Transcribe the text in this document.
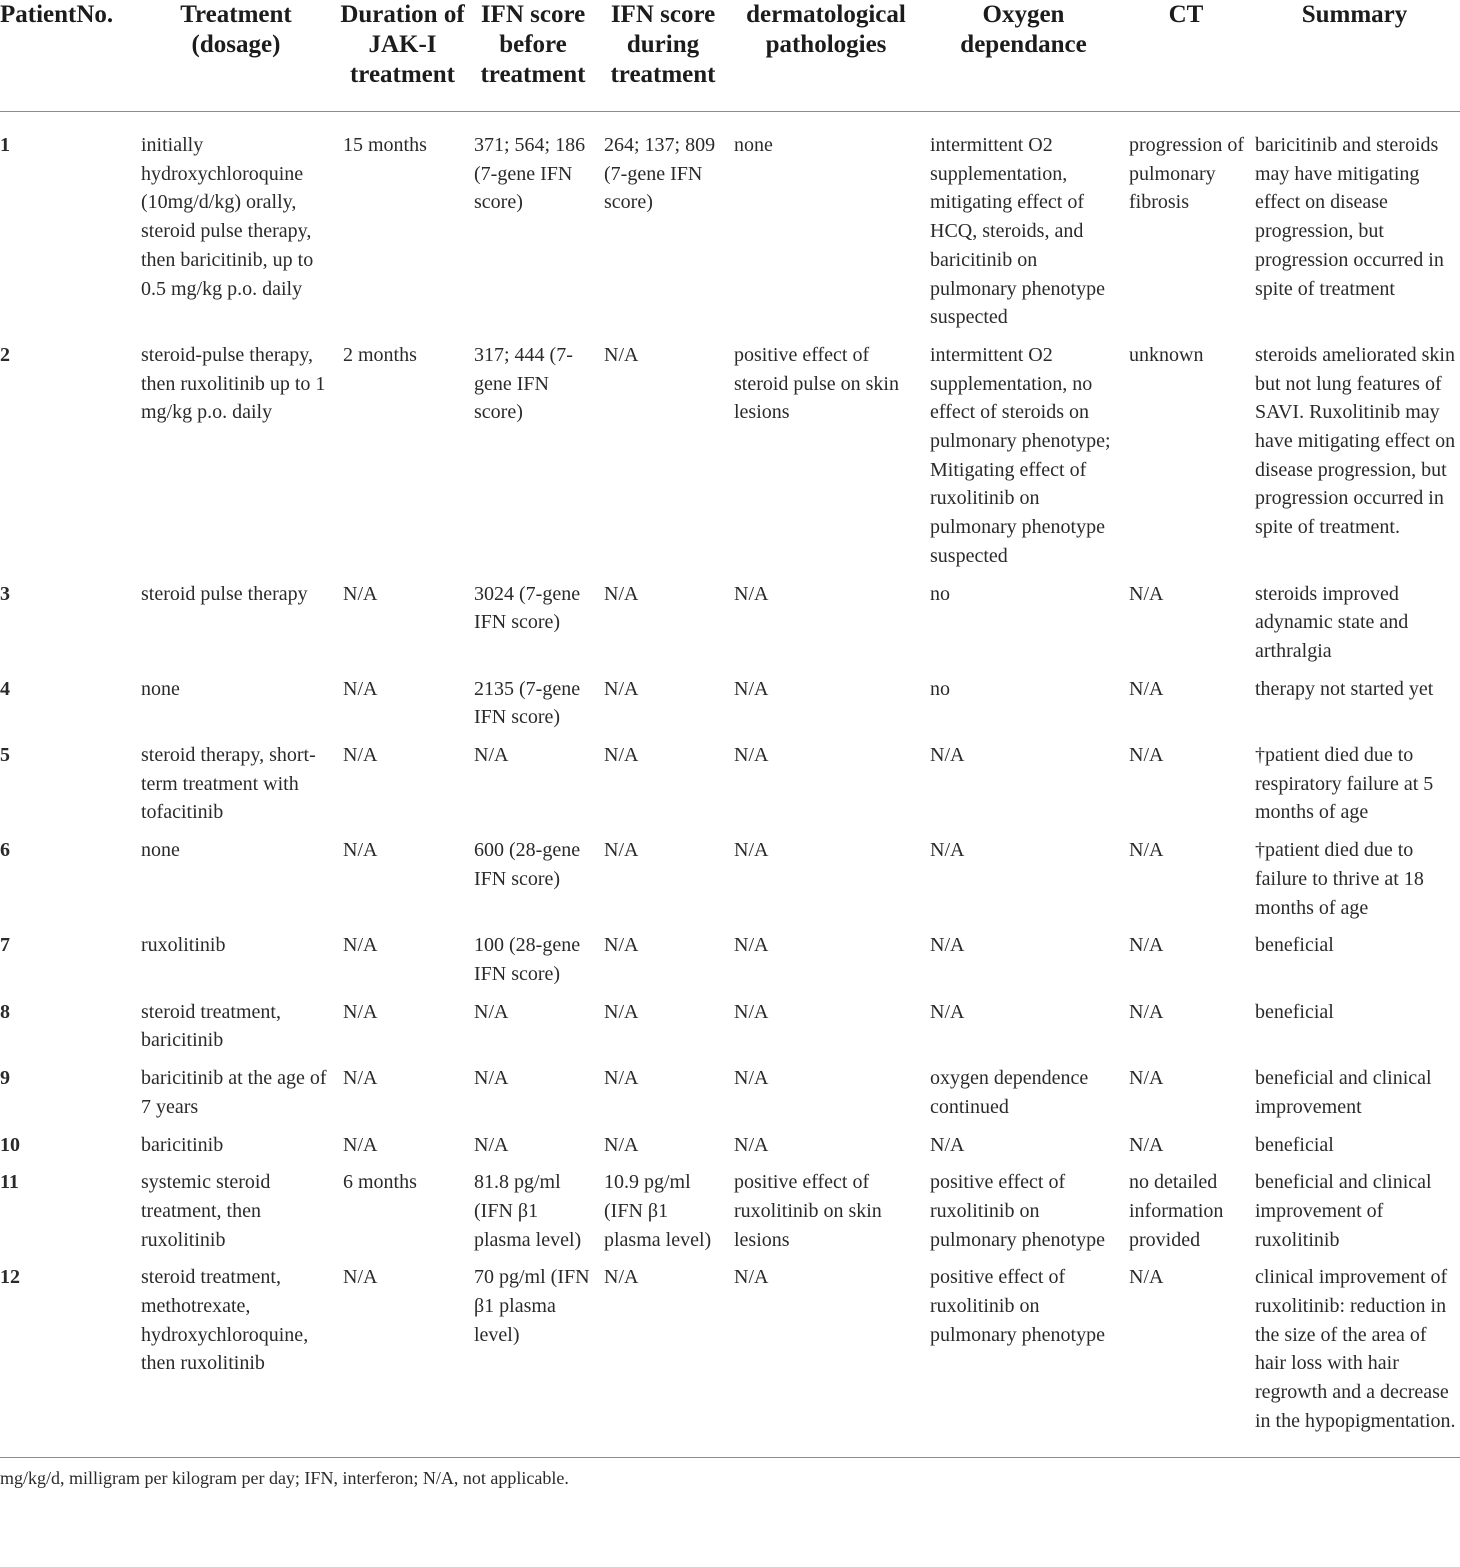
PatientNo.	Treatment (dosage)	Duration of JAK-I treatment	IFN score before treatment	IFN score during treatment	dermatological pathologies	Oxygen dependance	CT	Summary
1	initially hydroxychloroquine (10mg/d/kg) orally, steroid pulse therapy, then baricitinib, up to 0.5 mg/kg p.o. daily	15 months	371; 564; 186 (7-gene IFN score)	264; 137; 809 (7-gene IFN score)	none	intermittent O2 supplementation, mitigating effect of HCQ, steroids, and baricitinib on pulmonary phenotype suspected	progression of pulmonary fibrosis	baricitinib and steroids may have mitigating effect on disease progression, but progression occurred in spite of treatment
2	steroid-pulse therapy, then ruxolitinib up to 1 mg/kg p.o. daily	2 months	317; 444 (7-gene IFN score)	N/A	positive effect of steroid pulse on skin lesions	intermittent O2 supplementation, no effect of steroids on pulmonary phenotype; Mitigating effect of ruxolitinib on pulmonary phenotype suspected	unknown	steroids ameliorated skin but not lung features of SAVI. Ruxolitinib may have mitigating effect on disease progression, but progression occurred in spite of treatment.
3	steroid pulse therapy	N/A	3024 (7-gene IFN score)	N/A	N/A	no	N/A	steroids improved adynamic state and arthralgia
4	none	N/A	2135 (7-gene IFN score)	N/A	N/A	no	N/A	therapy not started yet
5	steroid therapy, short-term treatment with tofacitinib	N/A	N/A	N/A	N/A	N/A	N/A	†patient died due to respiratory failure at 5 months of age
6	none	N/A	600 (28-gene IFN score)	N/A	N/A	N/A	N/A	†patient died due to failure to thrive at 18 months of age
7	ruxolitinib	N/A	100 (28-gene IFN score)	N/A	N/A	N/A	N/A	beneficial
8	steroid treatment, baricitinib	N/A	N/A	N/A	N/A	N/A	N/A	beneficial
9	baricitinib at the age of 7 years	N/A	N/A	N/A	N/A	oxygen dependence continued	N/A	beneficial and clinical improvement
10	baricitinib	N/A	N/A	N/A	N/A	N/A	N/A	beneficial
11	systemic steroid treatment, then ruxolitinib	6 months	81.8 pg/ml (IFN β1 plasma level)	10.9 pg/ml (IFN β1 plasma level)	positive effect of ruxolitinib on skin lesions	positive effect of ruxolitinib on pulmonary phenotype	no detailed information provided	beneficial and clinical improvement of ruxolitinib
12	steroid treatment, methotrexate, hydroxychloroquine, then ruxolitinib	N/A	70 pg/ml (IFN β1 plasma level)	N/A	N/A	positive effect of ruxolitinib on pulmonary phenotype	N/A	clinical improvement of ruxolitinib: reduction in the size of the area of hair loss with hair regrowth and a decrease in the hypopigmentation.
mg/kg/d, milligram per kilogram per day; IFN, interferon; N/A, not applicable.
